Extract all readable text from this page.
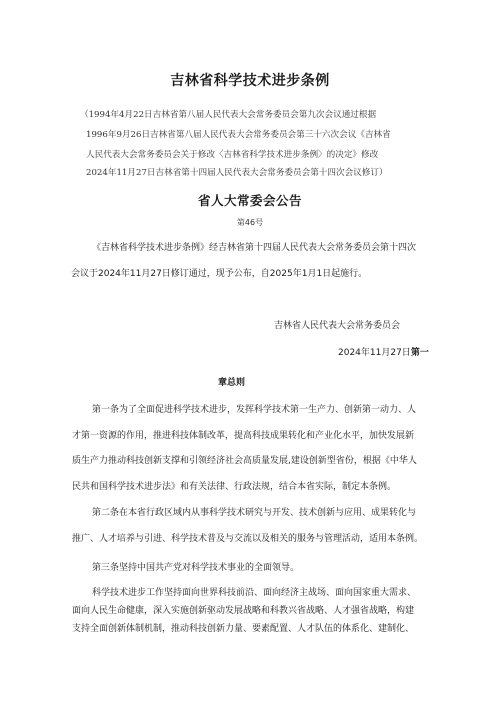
吉林省科学技术进步条例
（1994年4月22日吉林省第八届人民代表大会常务委员会第九次会议通过根据
1996年9月26日吉林省第八届人民代表大会常务委员会第三十六次会议《吉林省
人民代表大会常务委员会关于修改〈吉林省科学技术进步条例〉的决定》修改
2024年11月27日吉林省第十四届人民代表大会常务委员会第十四次会议修订）
省人大常委会公告
第46号
《吉林省科学技术进步条例》经吉林省第十四届人民代表大会常务委员会第十四次
会议于2024年11月27日修订通过，现予公布，自2025年1月1日起施行。
吉林省人民代表大会常务委员会
2024年11月27日第一
章总则
第一条为了全面促进科学技术进步，发挥科学技术第一生产力、创新第一动力、人
才第一资源的作用，推进科技体制改革，提高科技成果转化和产业化水平，加快发展新
质生产力推动科技创新支撑和引领经济社会高质量发展,建设创新型省份，根据《中华人
民共和国科学技术进步法》和有关法律、行政法规，结合本省实际，制定本条例。
第二条在本省行政区域内从事科学技术研究与开发、技术创新与应用、成果转化与
推广、人才培养与引进、科学技术普及与交流以及相关的服务与管理活动，适用本条例。
第三条坚持中国共产党对科学技术事业的全面领导。
科学技术进步工作坚持面向世界科技前沿、面向经济主战场、面向国家重大需求、
面向人民生命健康，深入实施创新驱动发展战略和科教兴省战略、人才强省战略，构建
支持全面创新体制机制，推动科技创新力量、要素配置、人才队伍的体系化、建制化、
